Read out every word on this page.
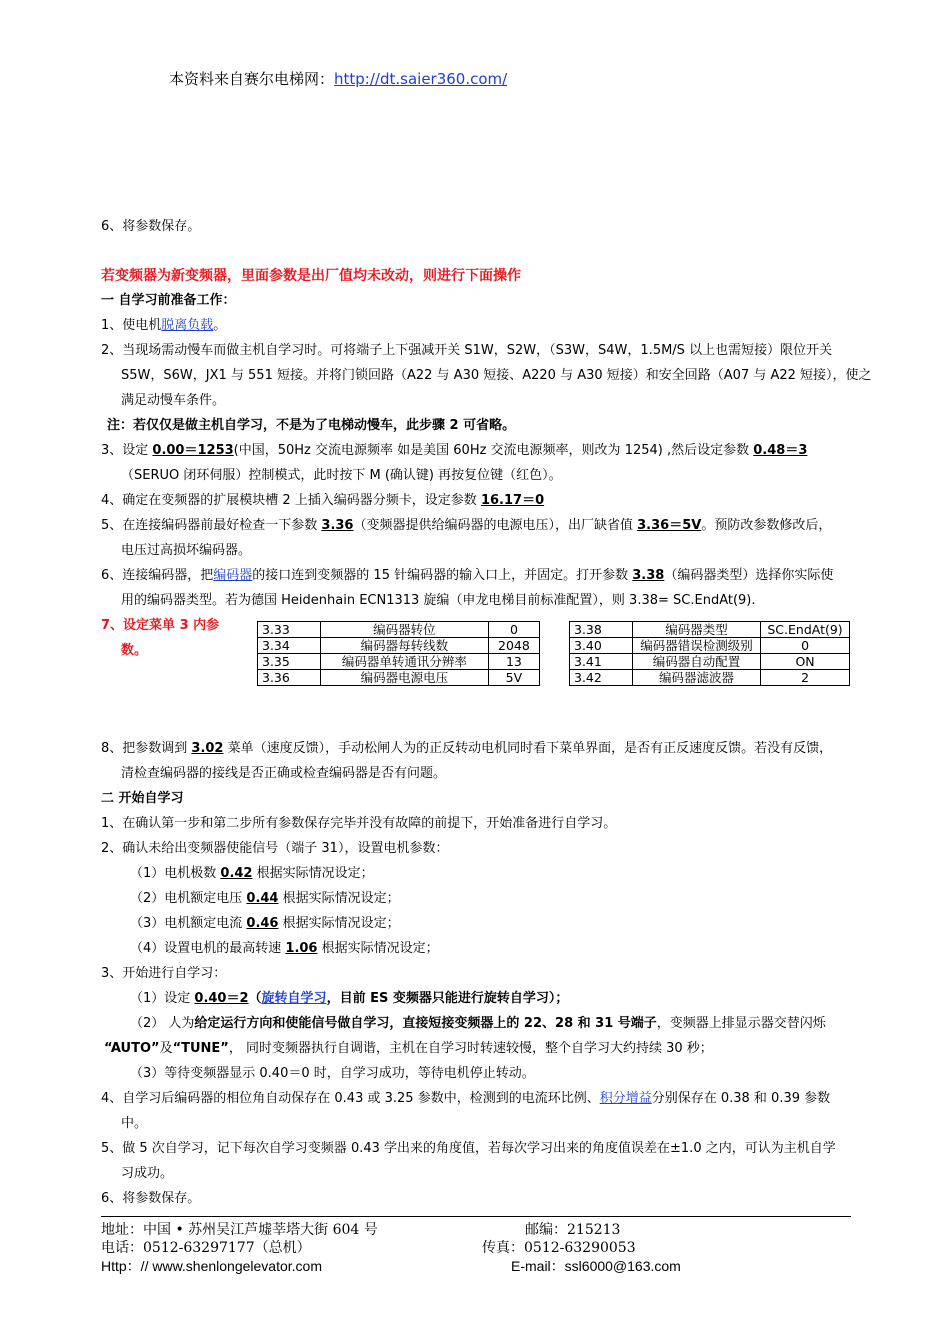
本资料来自赛尔电梯网：http://dt.saier360.com/
6、将参数保存。
若变频器为新变频器，里面参数是出厂值均未改动，则进行下面操作
一 自学习前准备工作：
1、使电机脱离负载。
2、当现场需动慢车而做主机自学习时。可将端子上下强减开关 S1W，S2W，（S3W，S4W，1.5M/S 以上也需短接）限位开关
S5W，S6W，JX1 与 551 短接。并将门锁回路（A22 与 A30 短接、A220 与 A30 短接）和安全回路（A07 与 A22 短接），使之
满足动慢车条件。
注：若仅仅是做主机自学习，不是为了电梯动慢车，此步骤 2 可省略。
3、设定 0.00＝1253(中国，50Hz 交流电源频率 如是美国 60Hz 交流电源频率，则改为 1254) ,然后设定参数 0.48＝3
（SERUO 闭环伺服）控制模式，此时按下 M (确认键) 再按复位键（红色）。
4、确定在变频器的扩展模块槽 2 上插入编码器分频卡，设定参数 16.17＝0
5、在连接编码器前最好检查一下参数 3.36（变频器提供给编码器的电源电压），出厂缺省值 3.36＝5V。预防改参数修改后，
电压过高损坏编码器。
6、连接编码器，把编码器的接口连到变频器的 15 针编码器的输入口上，并固定。打开参数 3.38（编码器类型）选择你实际使
用的编码器类型。若为德国 Heidenhain ECN1313 旋编（申龙电梯目前标准配置），则 3.38= SC.EndAt(9).
7、设定菜单 3 内参
数。
3.33	编码器转位	0
3.34	编码器每转线数	2048
3.35	编码器单转通讯分辨率	13
3.36	编码器电源电压	5V
3.38	编码器类型	SC.EndAt(9)
3.40	编码器错误检测级别	0
3.41	编码器自动配置	ON
3.42	编码器滤波器	2
8、把参数调到 3.02 菜单（速度反馈），手动松闸人为的正反转动电机同时看下菜单界面，是否有正反速度反馈。若没有反馈，
清检查编码器的接线是否正确或检查编码器是否有问题。
二 开始自学习
1、在确认第一步和第二步所有参数保存完毕并没有故障的前提下，开始准备进行自学习。
2、确认未给出变频器使能信号（端子 31），设置电机参数：
（1）电机极数 0.42 根据实际情况设定；
（2）电机额定电压 0.44 根据实际情况设定；
（3）电机额定电流 0.46 根据实际情况设定；
（4）设置电机的最高转速 1.06 根据实际情况设定；
3、开始进行自学习：
（1）设定 0.40＝2（旋转自学习，目前 ES 变频器只能进行旋转自学习）；
（2） 人为给定运行方向和使能信号做自学习，直接短接变频器上的 22、28 和 31 号端子，变频器上排显示器交替闪烁
“AUTO”及“TUNE”， 同时变频器执行自调谐，主机在自学习时转速较慢，整个自学习大约持续 30 秒；
（3）等待变频器显示 0.40＝0 时，自学习成功，等待电机停止转动。
4、自学习后编码器的相位角自动保存在 0.43 或 3.25 参数中，检测到的电流环比例、积分增益分别保存在 0.38 和 0.39 参数
中。
5、做 5 次自学习，记下每次自学习变频器 0.43 学出来的角度值，若每次学习出来的角度值误差在±1.0 之内，可认为主机自学
习成功。
6、将参数保存。
地址：中国 • 苏州吴江芦墟莘塔大街 604 号	邮编：215213
电话：0512-63297177（总机）	传真：0512-63290053
Http：// www.shenlongelevator.com	E-mail：ssl6000@163.com
